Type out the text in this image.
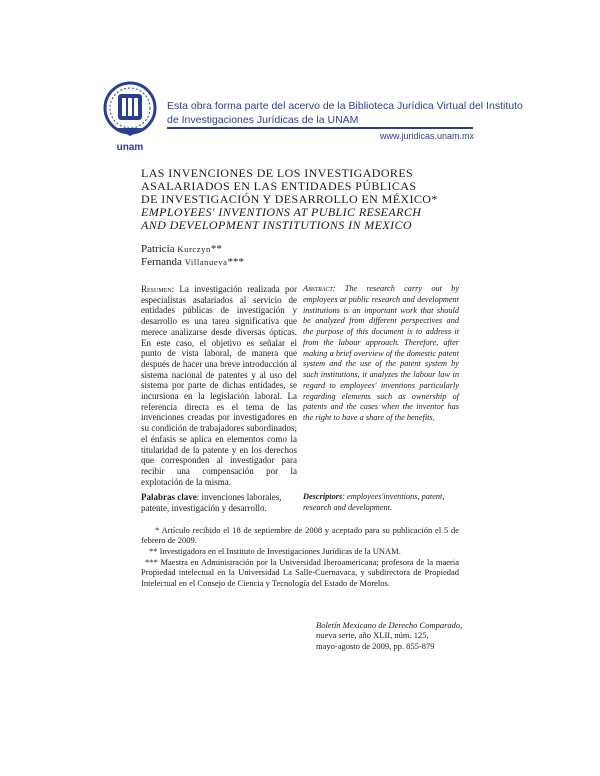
unam
Esta obra forma parte del acervo de la Biblioteca Jurídica Virtual del Instituto
de Investigaciones Jurídicas de la UNAM
www.juridicas.unam.mx
LAS INVENCIONES DE LOS INVESTIGADORES
ASALARIADOS EN LAS ENTIDADES PÚBLICAS
DE INVESTIGACIÓN Y DESARROLLO EN MÉXICO*
EMPLOYEES' INVENTIONS AT PUBLIC RESEARCH
AND DEVELOPMENT INSTITUTIONS IN MEXICO
Patricia Kurczyn**
Fernanda Villanueva***
Resumen: La investigación realizada por especialistas asalariados al servicio de entidades públicas de investigación y desarrollo es una tarea significativa que merece analizarse desde diversas ópticas. En este caso, el objetivo es señalar el punto de vista laboral, de manera que después de hacer una breve introducción al sistema nacional de patentes y al uso del sistema por parte de dichas entidades, se incursiona en la legislación laboral. La referencia directa es el tema de las invenciones creadas por investigadores en su condición de trabajadores subordinados; el énfasis se aplica en elementos como la titularidad de la patente y en los derechos que corresponden al investigador para recibir una compensación por la explotación de la misma.
Abstract: The research carry out by employees at public research and development institutions is an important work that should be analyzed from different perspectives and the purpose of this document is to address it from the labour approach. Therefore, after making a brief overview of the domestic patent system and the use of the patent system by such institutions, it analyzes the labour law in regard to employees' inventions particularly regarding elements such as ownership of patents and the cases when the inventor has the right to have a share of the benefits.
Palabras clave: invenciones laborales, patente, investigación y desarrollo.
Descriptors: employees'inventions, patent, research and development.
* Artículo recibido el 18 de septiembre de 2008 y aceptado para su publicación el 5 de febrero de 2009.
** Investigadora en el Instituto de Investigaciones Jurídicas de la UNAM.
*** Maestra en Administración por la Universidad Iberoamericana; profesora de la maeria Propiedad intelectual en la Universidad La Salle-Cuernavaca, y subdirectora de Propiedad Intelectual en el Consejo de Ciencia y Tecnología del Estado de Morelos.
Boletín Mexicano de Derecho Comparado,
nueva serie, año XLII, núm. 125,
mayo-agosto de 2009, pp. 855-879
